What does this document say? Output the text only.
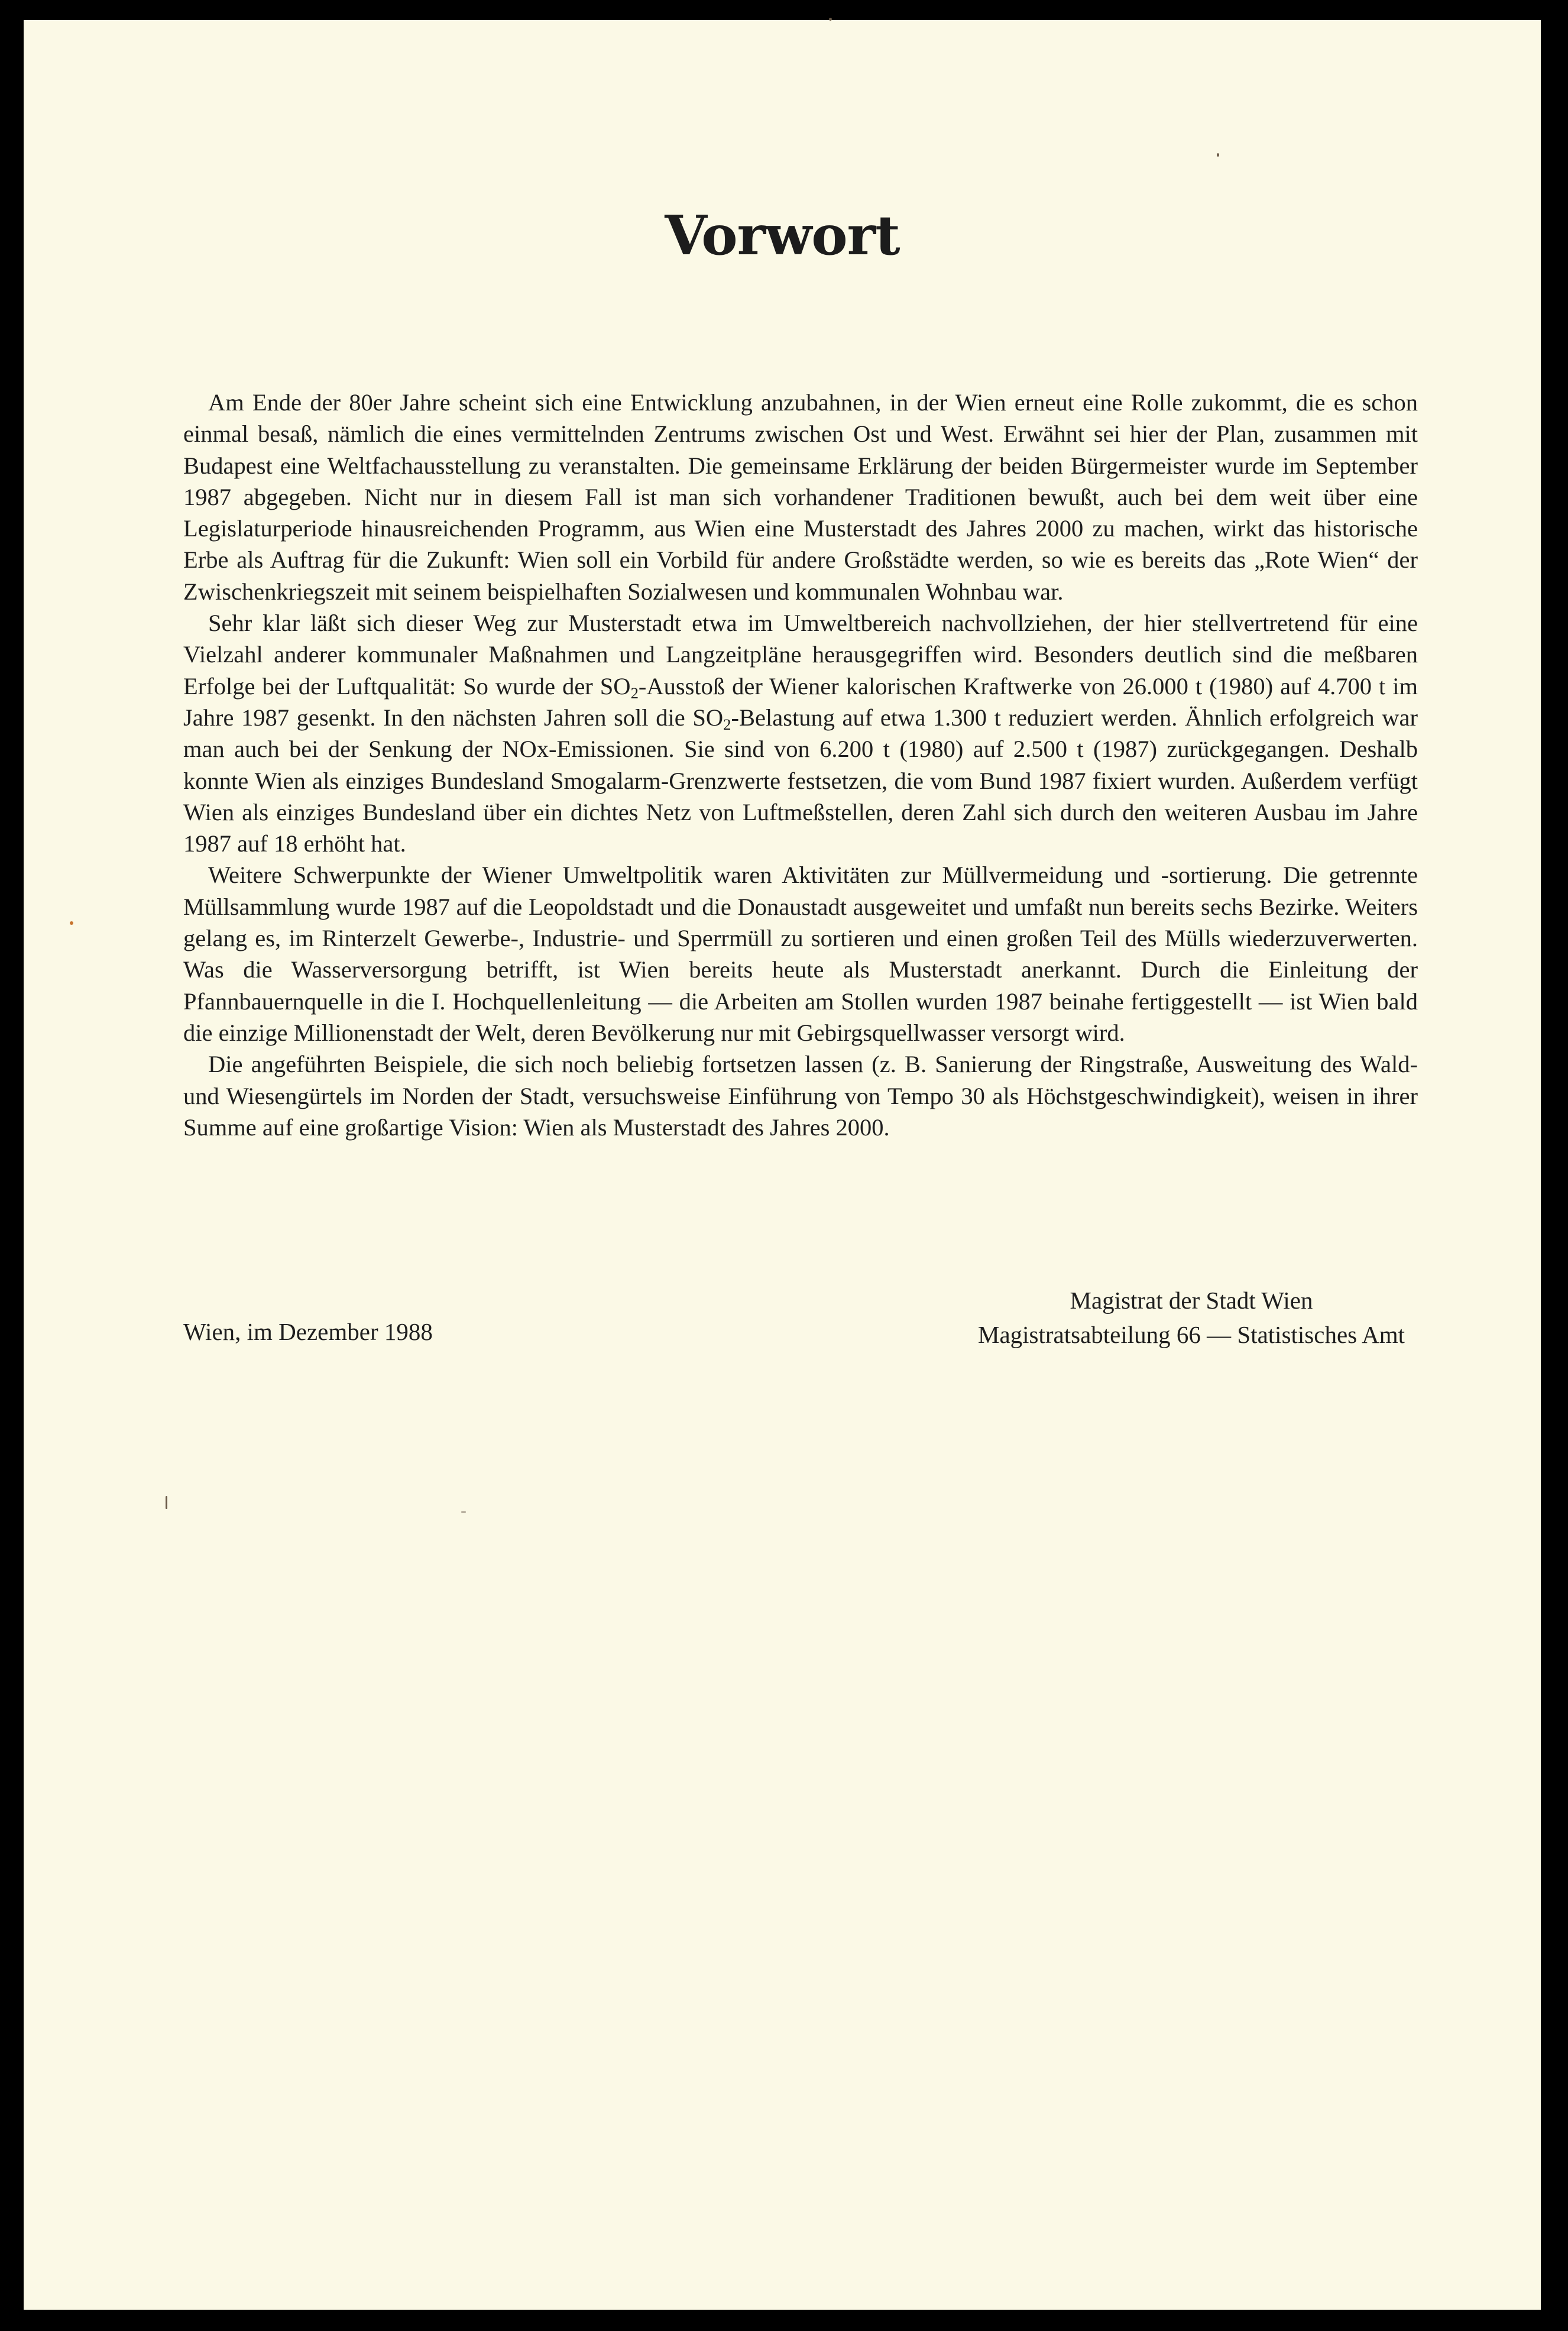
Vorwort

Am Ende der 80er Jahre scheint sich eine Entwicklung anzubahnen, in der Wien erneut eine Rolle zukommt, die es schon einmal besaß, nämlich die eines vermittelnden Zentrums zwischen Ost und West. Erwähnt sei hier der Plan, zusammen mit Budapest eine Weltfachausstellung zu veranstalten. Die gemeinsame Erklärung der beiden Bürgermeister wurde im September 1987 abgegeben. Nicht nur in diesem Fall ist man sich vorhandener Traditionen bewußt, auch bei dem weit über eine Legislaturperiode hinausreichenden Programm, aus Wien eine Musterstadt des Jahres 2000 zu machen, wirkt das historische Erbe als Auftrag für die Zukunft: Wien soll ein Vorbild für andere Großstädte werden, so wie es bereits das „Rote Wien“ der Zwischenkriegszeit mit seinem beispielhaften Sozialwesen und kommunalen Wohnbau war.

Sehr klar läßt sich dieser Weg zur Musterstadt etwa im Umweltbereich nachvollziehen, der hier stellvertretend für eine Vielzahl anderer kommunaler Maßnahmen und Langzeitpläne herausgegriffen wird. Besonders deutlich sind die meßbaren Erfolge bei der Luftqualität: So wurde der SO2-Ausstoß der Wiener kalorischen Kraftwerke von 26.000 t (1980) auf 4.700 t im Jahre 1987 gesenkt. In den nächsten Jahren soll die SO2-Belastung auf etwa 1.300 t reduziert werden. Ähnlich erfolgreich war man auch bei der Senkung der NOx-Emissionen. Sie sind von 6.200 t (1980) auf 2.500 t (1987) zurückgegangen. Deshalb konnte Wien als einziges Bundesland Smogalarm-Grenzwerte festsetzen, die vom Bund 1987 fixiert wurden. Außerdem verfügt Wien als einziges Bundesland über ein dichtes Netz von Luftmeßstellen, deren Zahl sich durch den weiteren Ausbau im Jahre 1987 auf 18 erhöht hat.

Weitere Schwerpunkte der Wiener Umweltpolitik waren Aktivitäten zur Müllvermeidung und -sortierung. Die getrennte Müllsammlung wurde 1987 auf die Leopoldstadt und die Donaustadt ausgeweitet und umfaßt nun bereits sechs Bezirke. Weiters gelang es, im Rinterzelt Gewerbe-, Industrie- und Sperrmüll zu sortieren und einen großen Teil des Mülls wiederzuverwerten. Was die Wasserversorgung betrifft, ist Wien bereits heute als Musterstadt anerkannt. Durch die Einleitung der Pfannbauernquelle in die I. Hochquellenleitung — die Arbeiten am Stollen wurden 1987 beinahe fertiggestellt — ist Wien bald die einzige Millionenstadt der Welt, deren Bevölkerung nur mit Gebirgsquellwasser versorgt wird.

Die angeführten Beispiele, die sich noch beliebig fortsetzen lassen (z. B. Sanierung der Ringstraße, Ausweitung des Wald- und Wiesengürtels im Norden der Stadt, versuchsweise Einführung von Tempo 30 als Höchstgeschwindigkeit), weisen in ihrer Summe auf eine großartige Vision: Wien als Musterstadt des Jahres 2000.

Wien, im Dezember 1988

Magistrat der Stadt Wien
Magistratsabteilung 66 — Statistisches Amt
